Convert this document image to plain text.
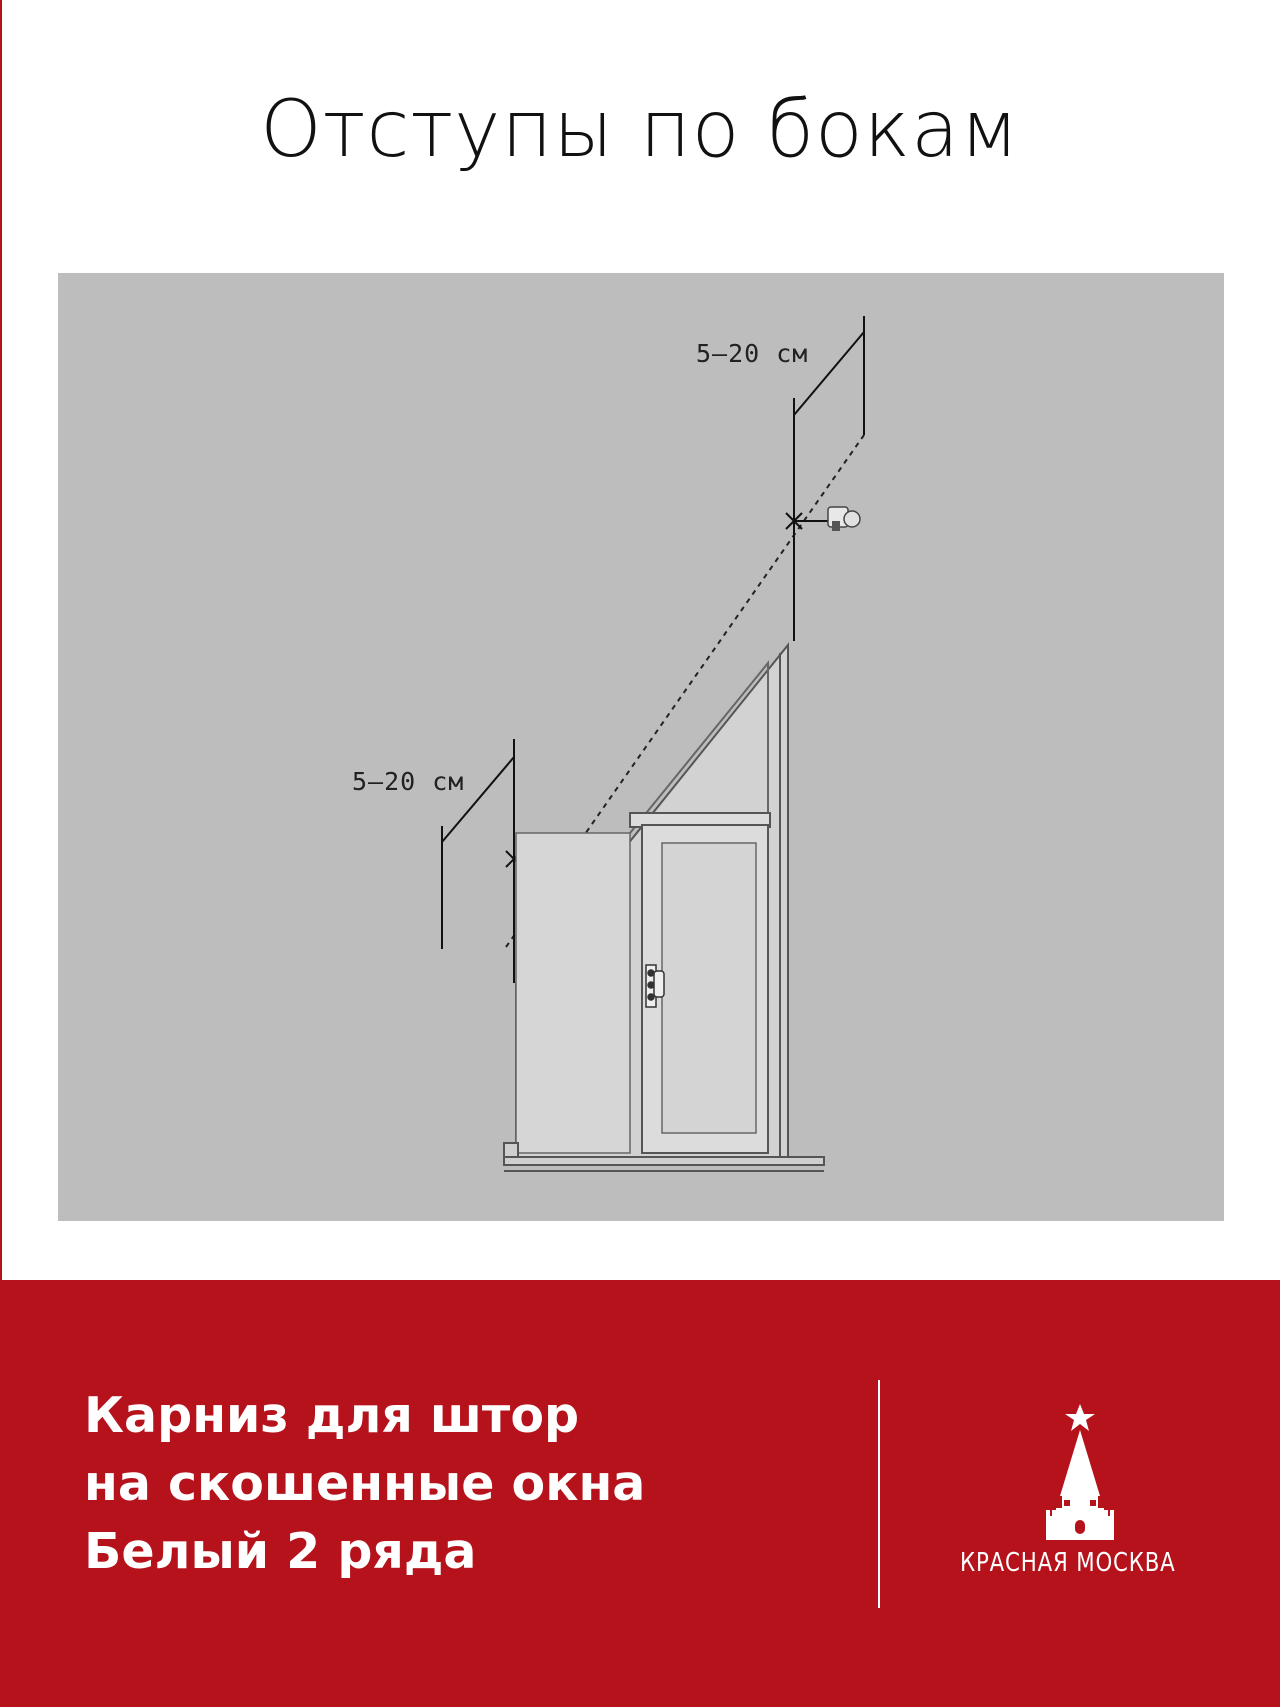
Отступы по бокам
5–20 см
5–20 см
Карниз для штор
на скошенные окна
Белый 2 ряда	КРАСНАЯ МОСКВА
